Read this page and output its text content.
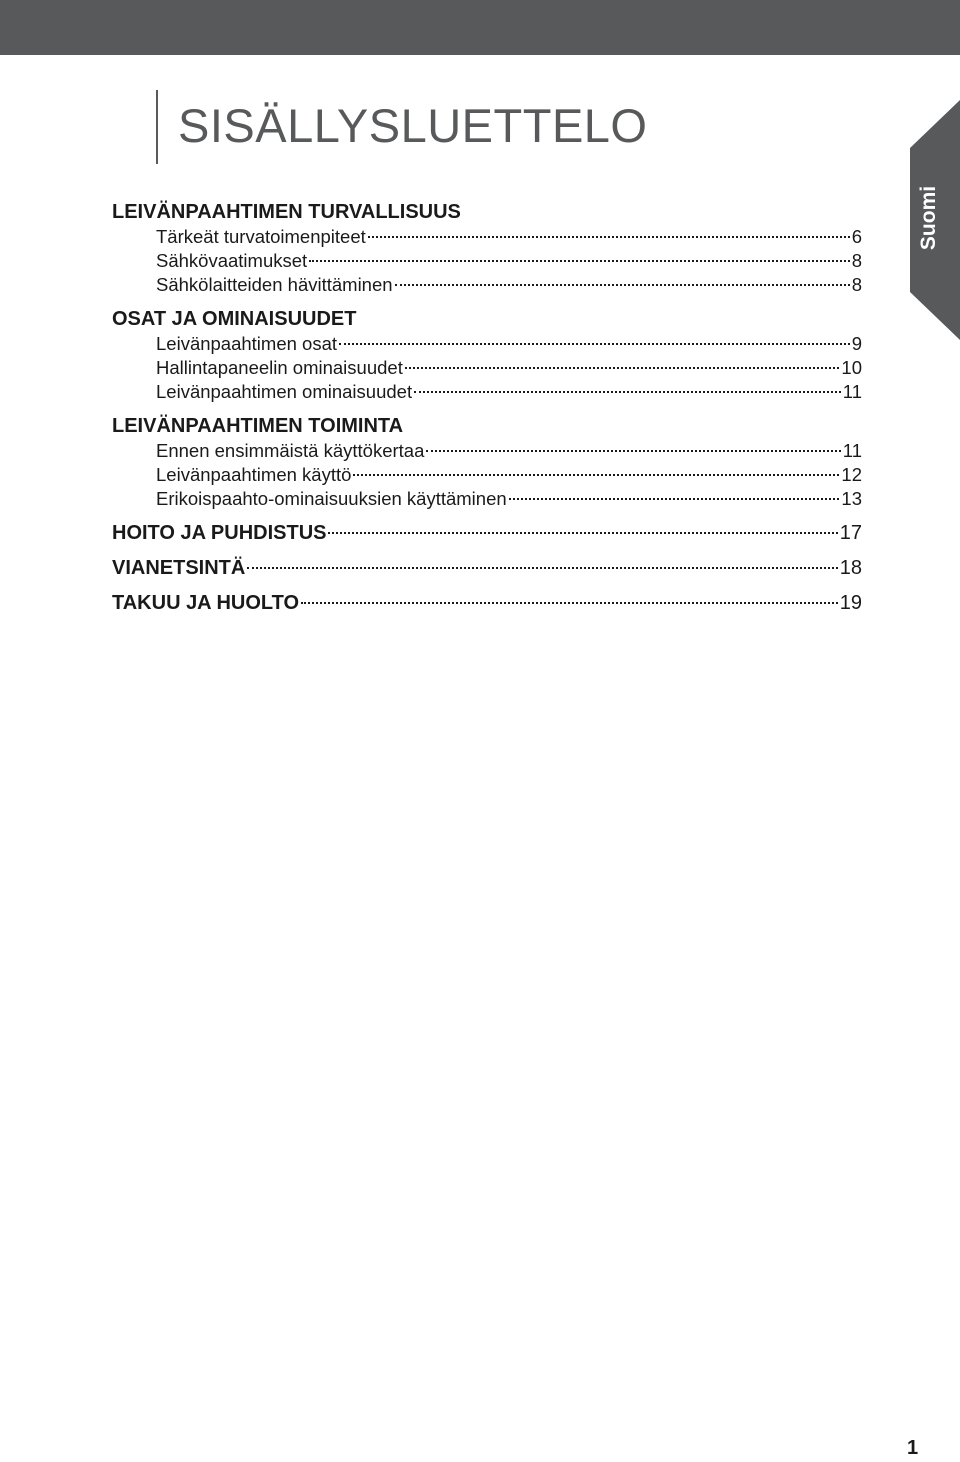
SISÄLLYSLUETTELO
Suomi
LEIVÄNPAAHTIMEN TURVALLISUUS
Tärkeät turvatoimenpiteet	6
Sähkövaatimukset	8
Sähkölaitteiden hävittäminen	8
OSAT JA OMINAISUUDET
Leivänpaahtimen osat	9
Hallintapaneelin ominaisuudet	10
Leivänpaahtimen ominaisuudet	11
LEIVÄNPAAHTIMEN TOIMINTA
Ennen ensimmäistä käyttökertaa	11
Leivänpaahtimen käyttö	12
Erikoispaahto-ominaisuuksien käyttäminen	13
HOITO JA PUHDISTUS	17
VIANETSINTÄ	18
TAKUU JA HUOLTO	19
1
